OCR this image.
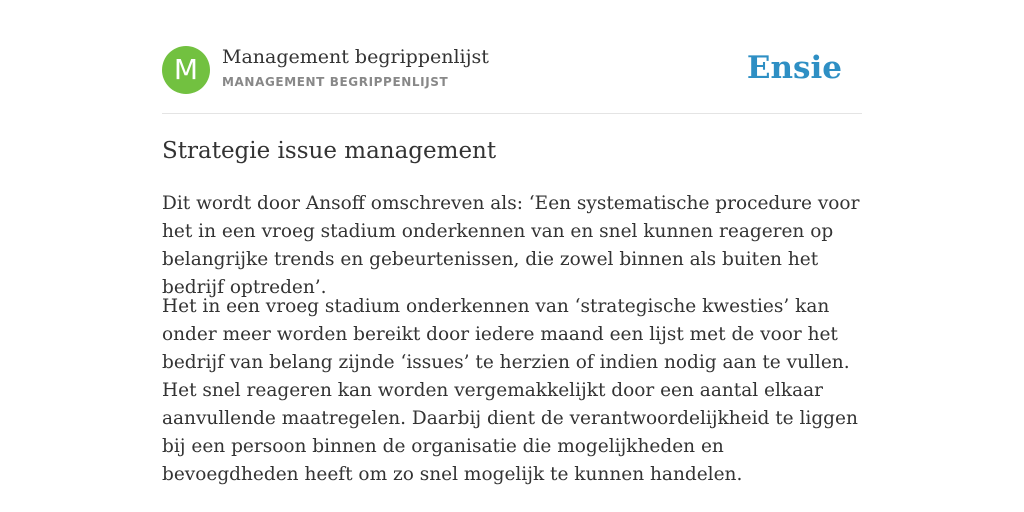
M	Management begrippenlijst
MANAGEMENT BEGRIPPENLIJST	Ensie
Strategie issue management

Dit wordt door Ansoff omschreven als: ‘Een systematische procedure voor het in een vroeg stadium onderkennen van en snel kunnen reageren op belangrijke trends en gebeurtenissen, die zowel binnen als buiten het bedrijf optreden’.

Het in een vroeg stadium onderkennen van ‘strategische kwesties’ kan onder meer worden bereikt door iedere maand een lijst met de voor het bedrijf van belang zijnde ‘issues’ te herzien of indien nodig aan te vullen. Het snel reageren kan worden vergemakkelijkt door een aantal elkaar aanvullende maatregelen. Daarbij dient de verantwoordelijkheid te liggen bij een persoon binnen de organisatie die mogelijkheden en bevoegdheden heeft om zo snel mogelijk te kunnen handelen.
